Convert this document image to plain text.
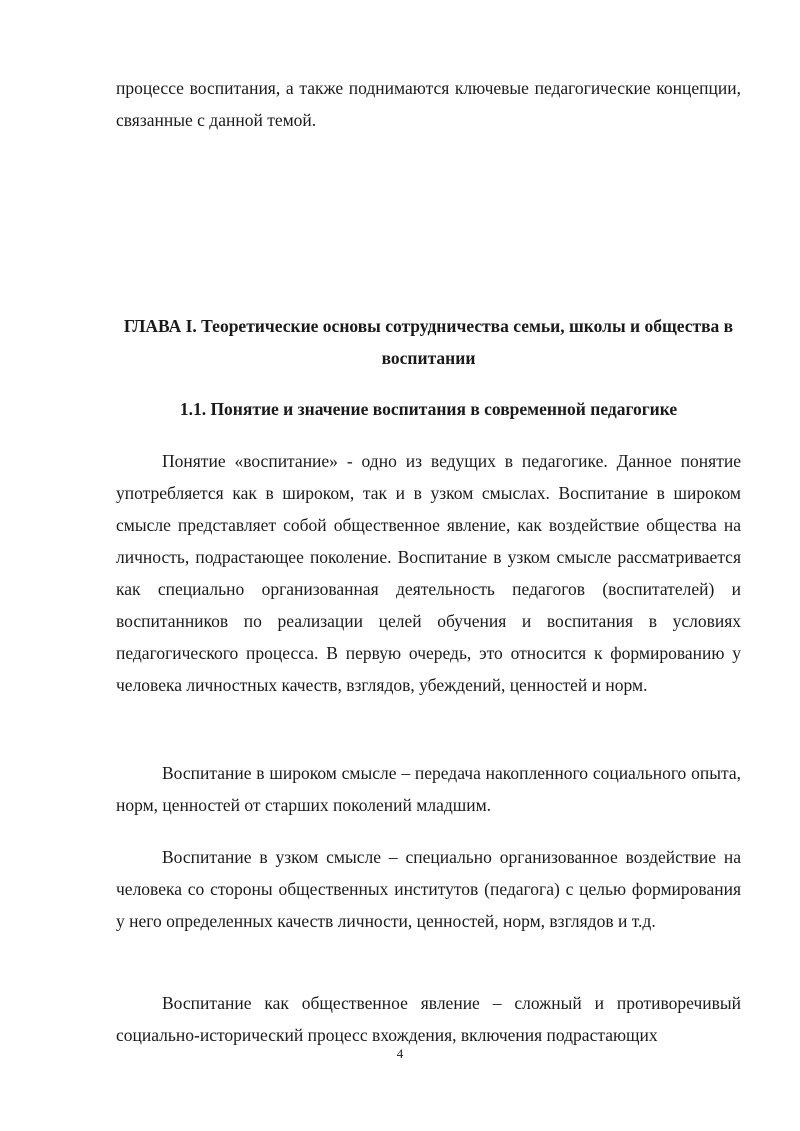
процессе воспитания, а также поднимаются ключевые педагогические концепции, связанные с данной темой.

ГЛАВА I. Теоретические основы сотрудничества семьи, школы и общества в воспитании
1.1. Понятие и значение воспитания в современной педагогике

Понятие «воспитание» - одно из ведущих в педагогике. Данное понятие употребляется как в широком, так и в узком смыслах. Воспитание в широком смысле представляет собой общественное явление, как воздействие общества на личность, подрастающее поколение. Воспитание в узком смысле рассматривается как специально организованная деятельность педагогов (воспитателей) и воспитанников по реализации целей обучения и воспитания в условиях педагогического процесса. В первую очередь, это относится к формированию у человека личностных качеств, взглядов, убеждений, ценностей и норм.

Воспитание в широком смысле – передача накопленного социального опыта, норм, ценностей от старших поколений младшим.

Воспитание в узком смысле – специально организованное воздействие на человека со стороны общественных институтов (педагога) с целью формирования у него определенных качеств личности, ценностей, норм, взглядов и т.д.

Воспитание как общественное явление – сложный и противоречивый социально-исторический процесс вхождения, включения подрастающих

4
